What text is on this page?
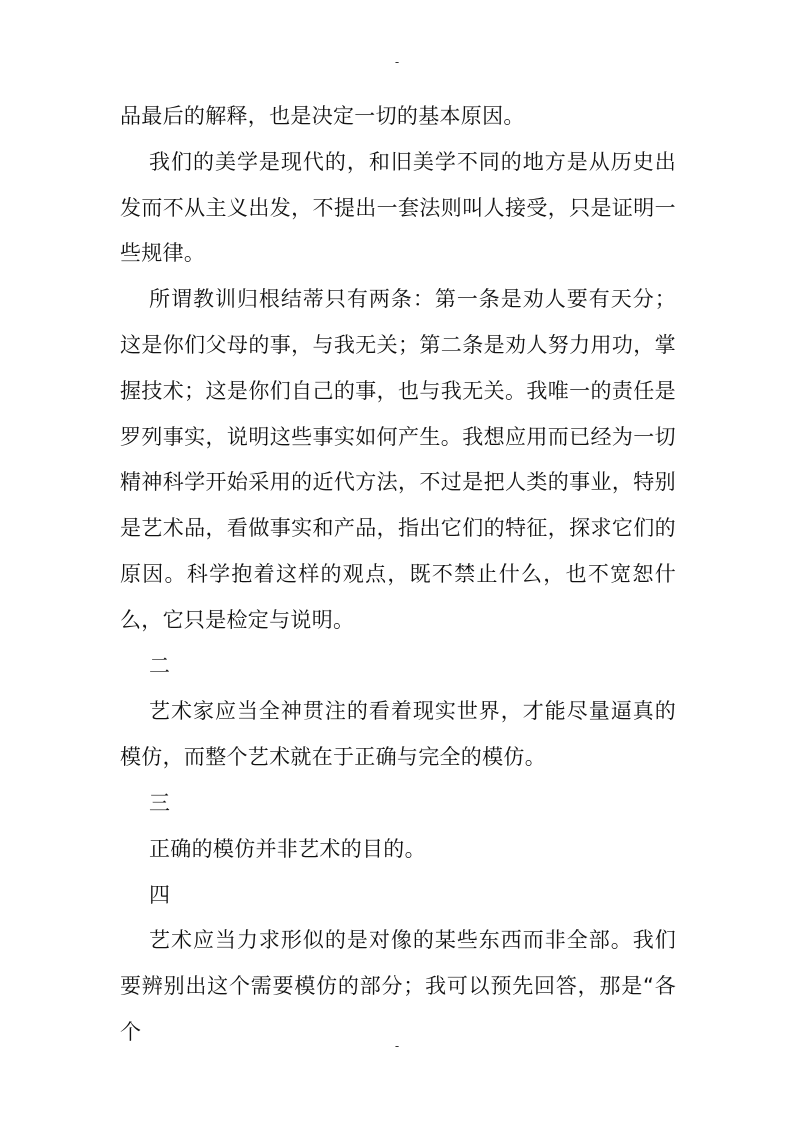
-

品最后的解释，也是决定一切的基本原因。

我们的美学是现代的，和旧美学不同的地方是从历史出发而不从主义出发，不提出一套法则叫人接受，只是证明一些规律。

所谓教训归根结蒂只有两条：第一条是劝人要有天分；这是你们父母的事，与我无关；第二条是劝人努力用功，掌握技术；这是你们自己的事，也与我无关。我唯一的责任是罗列事实，说明这些事实如何产生。我想应用而已经为一切精神科学开始采用的近代方法，不过是把人类的事业，特别是艺术品，看做事实和产品，指出它们的特征，探求它们的原因。科学抱着这样的观点，既不禁止什么，也不宽恕什么，它只是检定与说明。

二

艺术家应当全神贯注的看着现实世界，才能尽量逼真的模仿，而整个艺术就在于正确与完全的模仿。

三

正确的模仿并非艺术的目的。

四

艺术应当力求形似的是对像的某些东西而非全部。我们要辨别出这个需要模仿的部分；我可以预先回答，那是“各个

-
